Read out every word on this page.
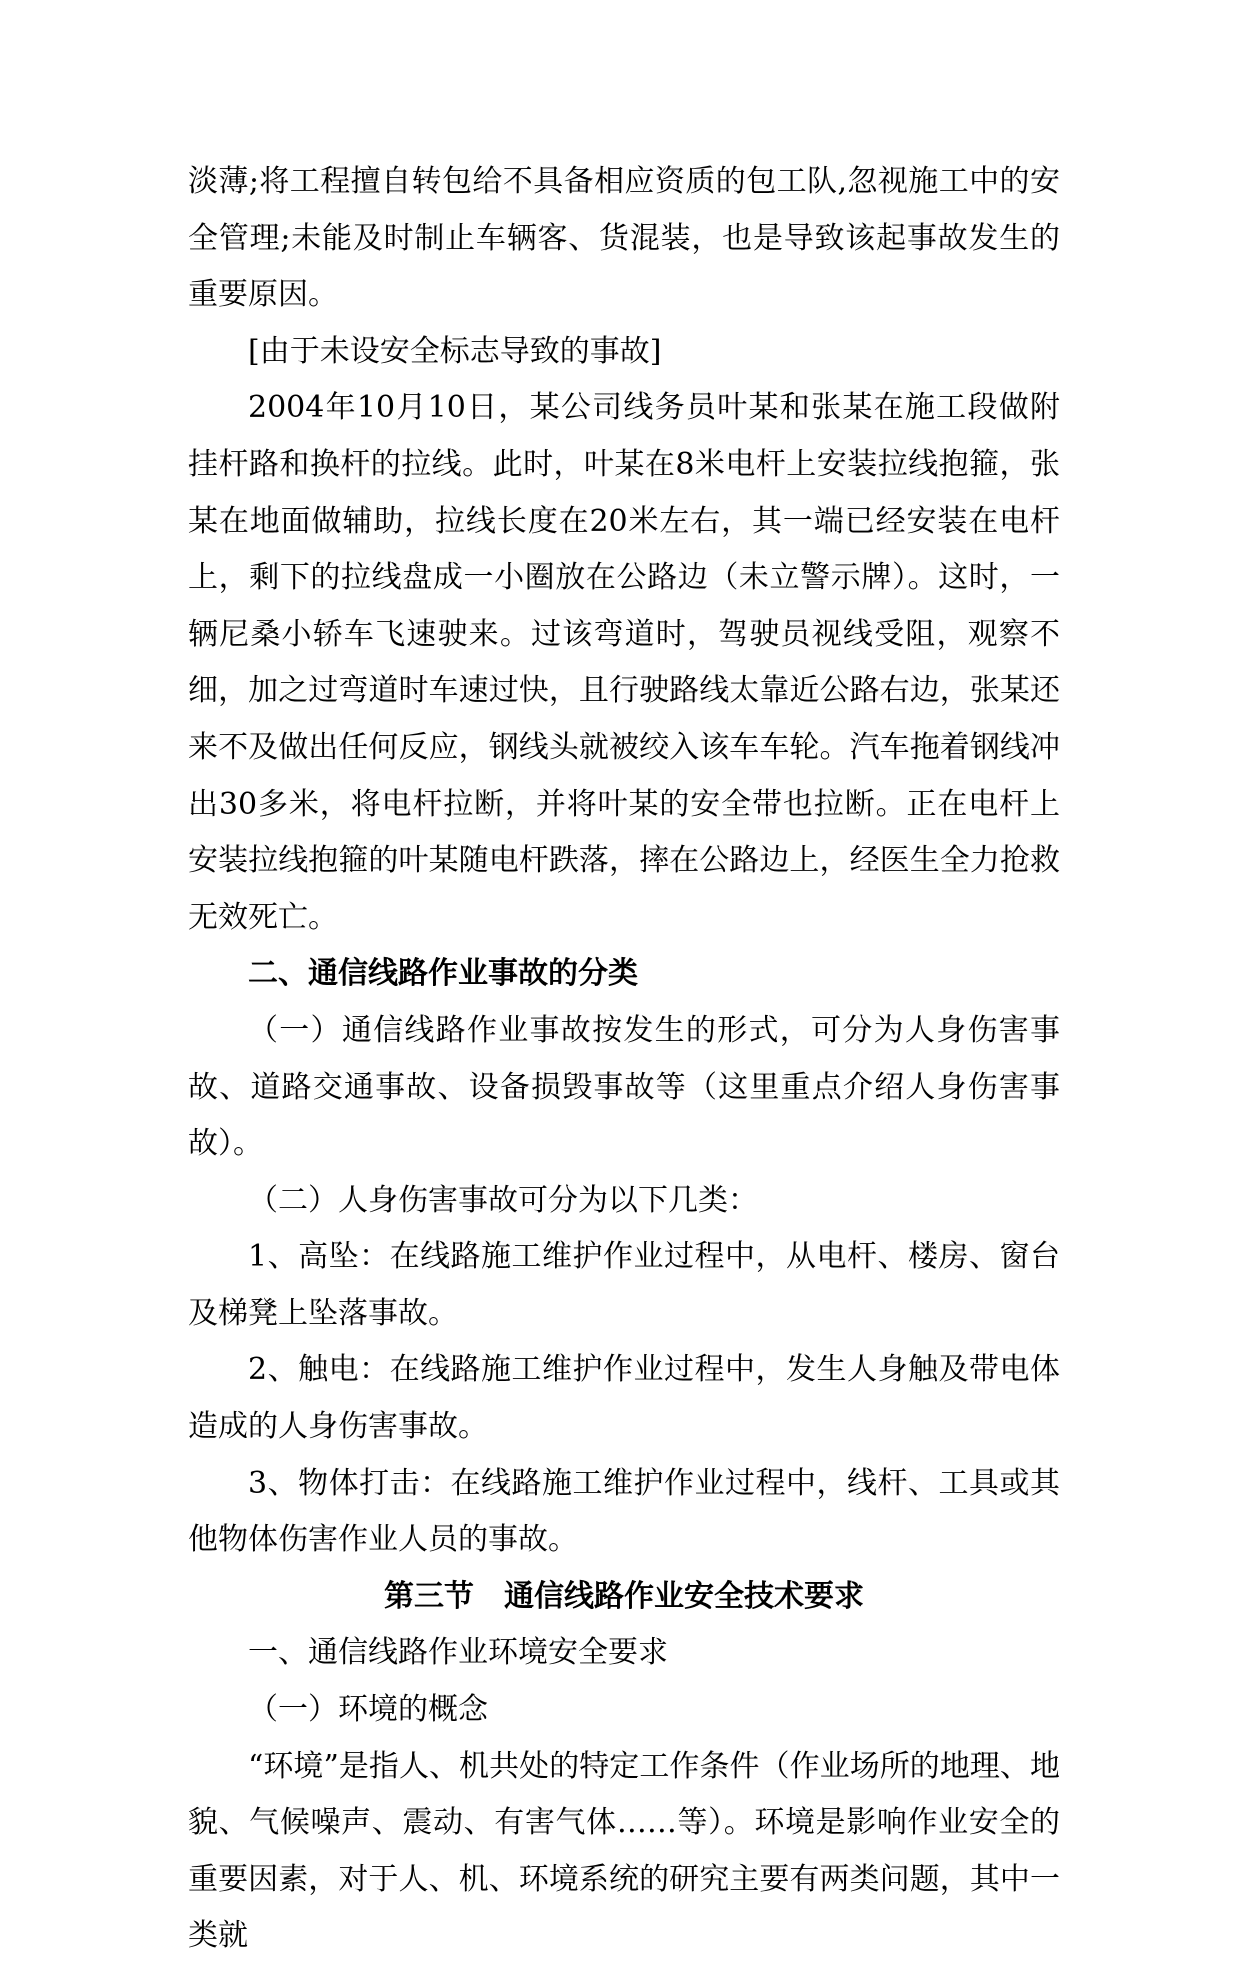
淡薄;将工程擅自转包给不具备相应资质的包工队,忽视施工中的安全管理;未能及时制止车辆客、货混装，也是导致该起事故发生的重要原因。

[由于未设安全标志导致的事故]

2004年10月10日，某公司线务员叶某和张某在施工段做附挂杆路和换杆的拉线。此时，叶某在8米电杆上安装拉线抱箍，张某在地面做辅助，拉线长度在20米左右，其一端已经安装在电杆上，剩下的拉线盘成一小圈放在公路边（未立警示牌）。这时，一辆尼桑小轿车飞速驶来。过该弯道时，驾驶员视线受阻，观察不细，加之过弯道时车速过快，且行驶路线太靠近公路右边，张某还来不及做出任何反应，钢线头就被绞入该车车轮。汽车拖着钢线冲出30多米，将电杆拉断，并将叶某的安全带也拉断。正在电杆上安装拉线抱箍的叶某随电杆跌落，摔在公路边上，经医生全力抢救无效死亡。

二、通信线路作业事故的分类

（一）通信线路作业事故按发生的形式，可分为人身伤害事故、道路交通事故、设备损毁事故等（这里重点介绍人身伤害事故）。

（二）人身伤害事故可分为以下几类：

1、高坠：在线路施工维护作业过程中，从电杆、楼房、窗台及梯凳上坠落事故。

2、触电：在线路施工维护作业过程中，发生人身触及带电体造成的人身伤害事故。

3、物体打击：在线路施工维护作业过程中，线杆、工具或其他物体伤害作业人员的事故。

第三节　通信线路作业安全技术要求

一、通信线路作业环境安全要求

（一）环境的概念

“环境”是指人、机共处的特定工作条件（作业场所的地理、地貌、气候噪声、震动、有害气体……等）。环境是影响作业安全的重要因素，对于人、机、环境系统的研究主要有两类问题，其中一类就
